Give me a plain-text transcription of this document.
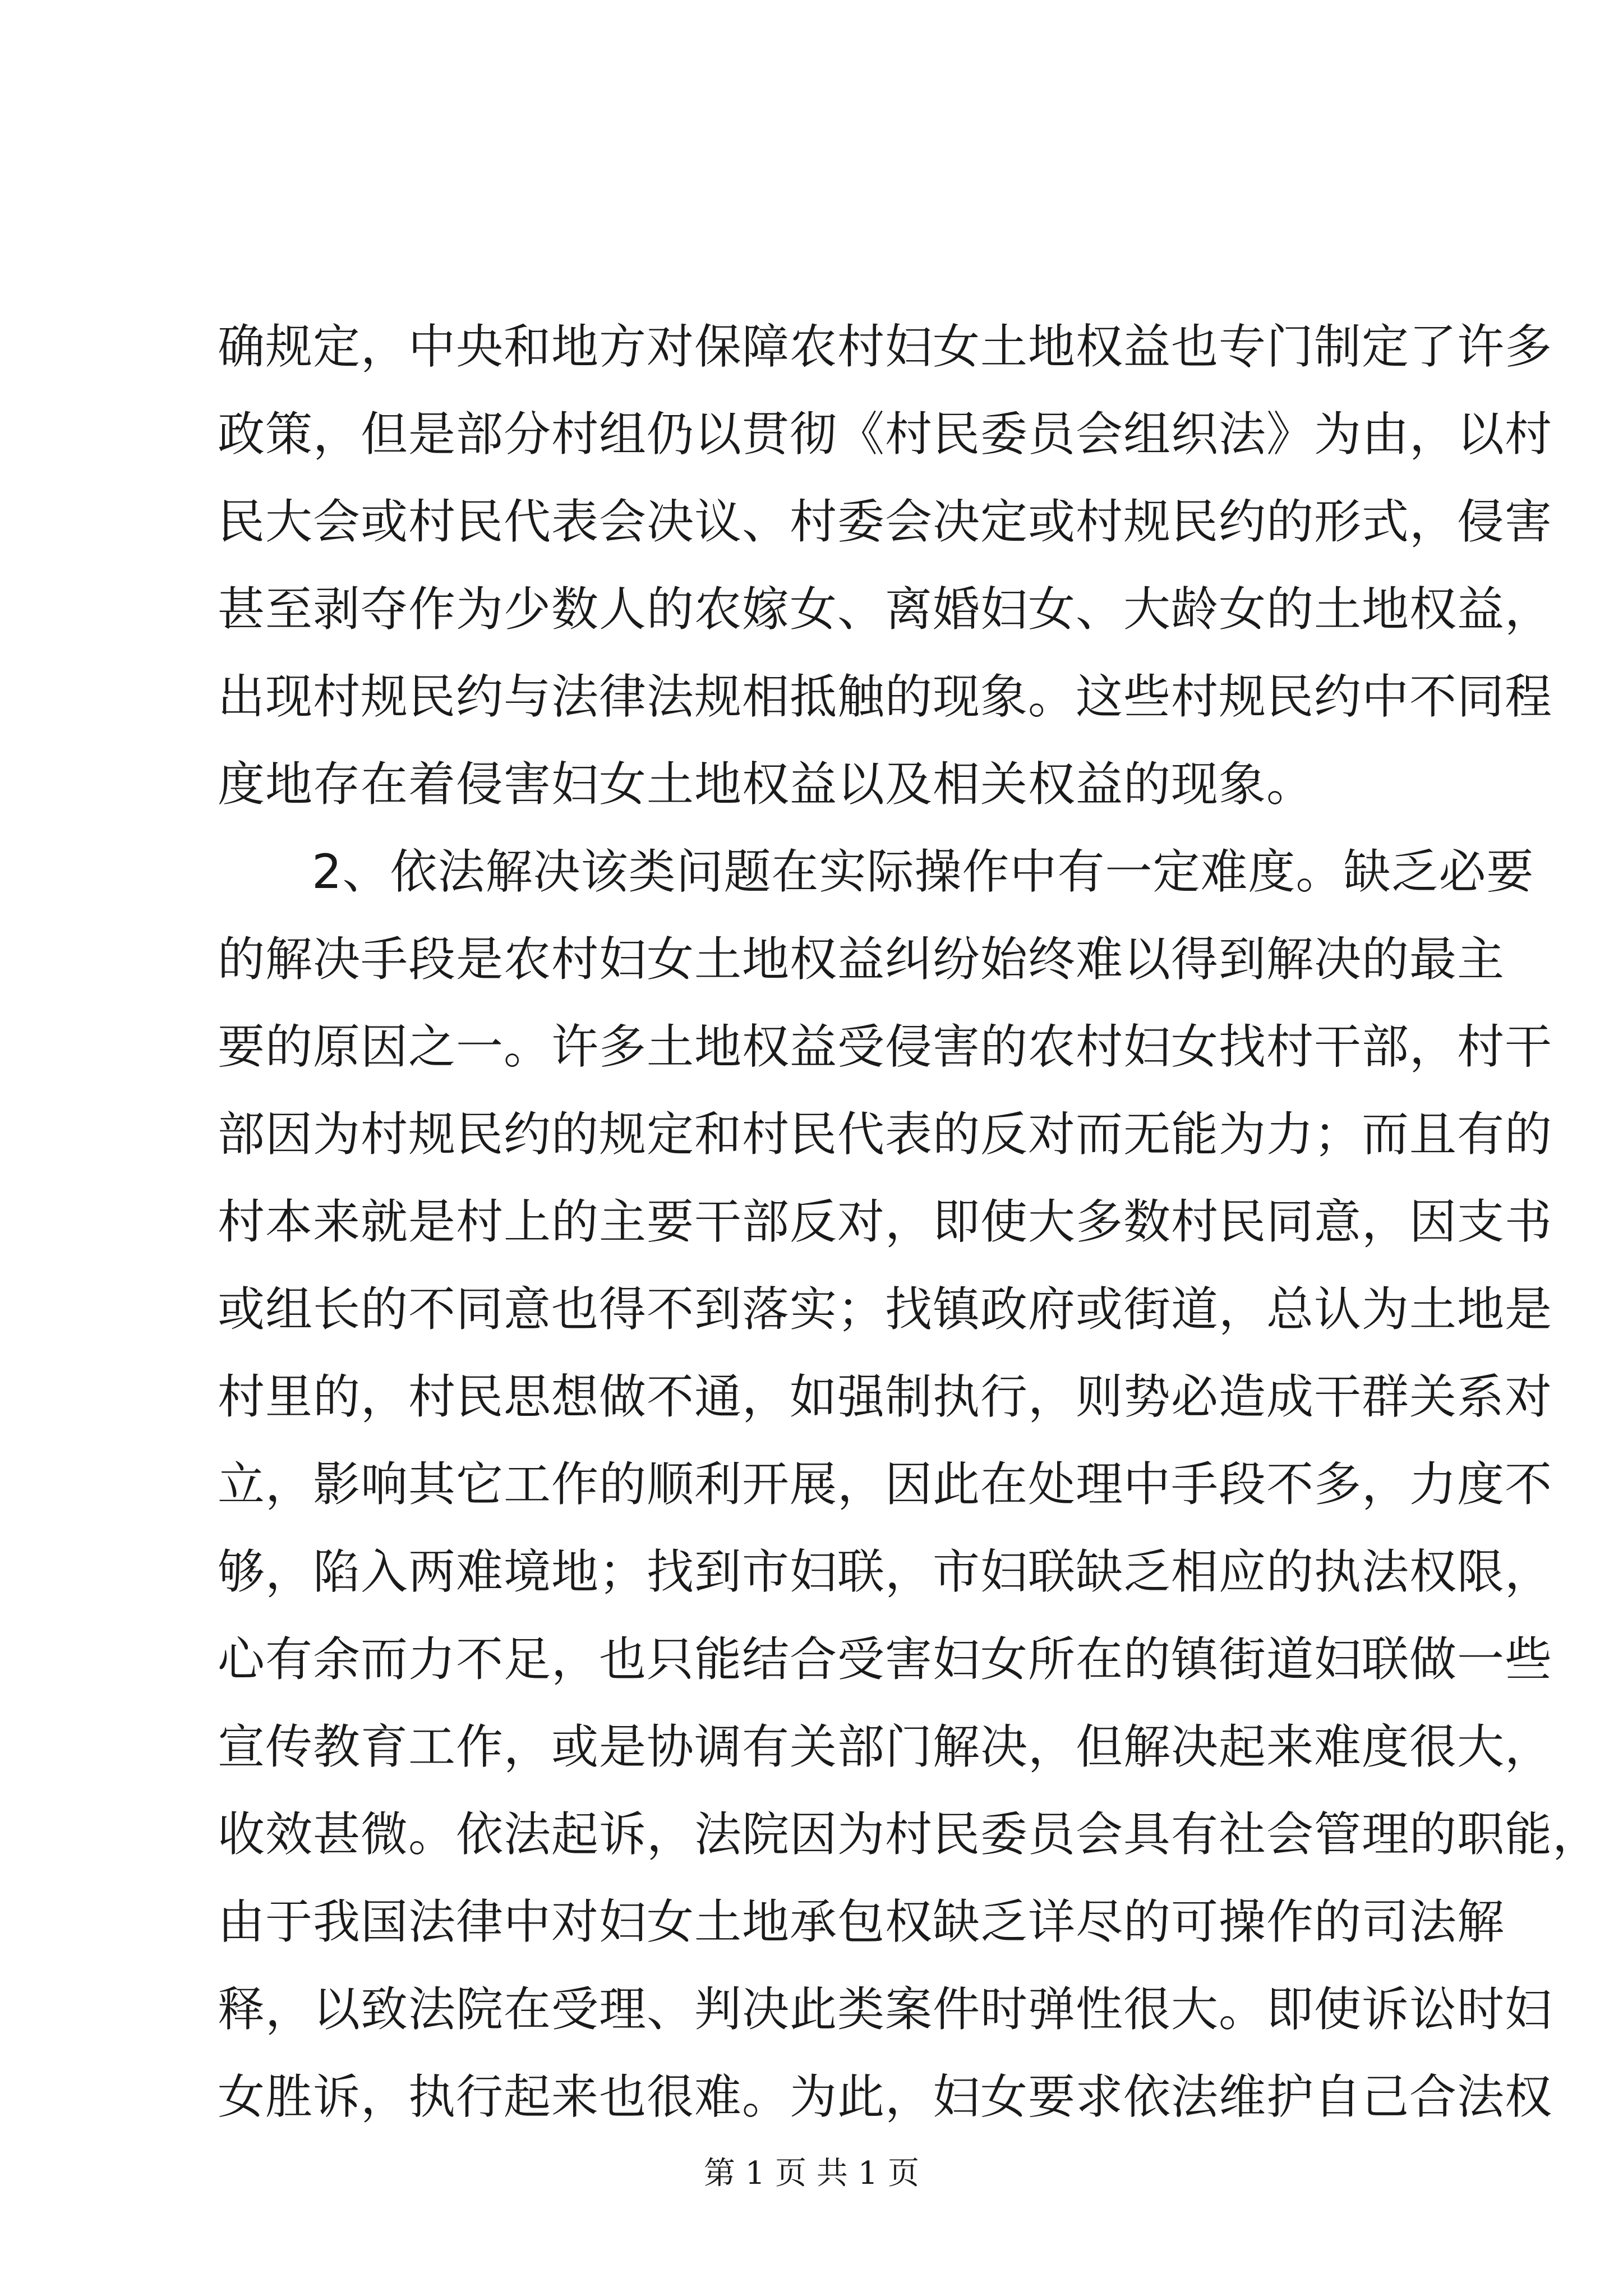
确规定，中央和地方对保障农村妇女土地权益也专门制定了许多
政策，但是部分村组仍以贯彻《村民委员会组织法》为由，以村
民大会或村民代表会决议、村委会决定或村规民约的形式，侵害
甚至剥夺作为少数人的农嫁女、离婚妇女、大龄女的土地权益，
出现村规民约与法律法规相抵触的现象。这些村规民约中不同程
度地存在着侵害妇女土地权益以及相关权益的现象。
2、依法解决该类问题在实际操作中有一定难度。缺乏必要
的解决手段是农村妇女土地权益纠纷始终难以得到解决的最主
要的原因之一。许多土地权益受侵害的农村妇女找村干部，村干
部因为村规民约的规定和村民代表的反对而无能为力；而且有的
村本来就是村上的主要干部反对，即使大多数村民同意，因支书
或组长的不同意也得不到落实；找镇政府或街道，总认为土地是
村里的，村民思想做不通，如强制执行，则势必造成干群关系对
立，影响其它工作的顺利开展，因此在处理中手段不多，力度不
够，陷入两难境地；找到市妇联，市妇联缺乏相应的执法权限，
心有余而力不足，也只能结合受害妇女所在的镇街道妇联做一些
宣传教育工作，或是协调有关部门解决，但解决起来难度很大，
收效甚微。依法起诉，法院因为村民委员会具有社会管理的职能，
由于我国法律中对妇女土地承包权缺乏详尽的可操作的司法解
释，以致法院在受理、判决此类案件时弹性很大。即使诉讼时妇
女胜诉，执行起来也很难。为此，妇女要求依法维护自己合法权
第 1 页 共 1 页
